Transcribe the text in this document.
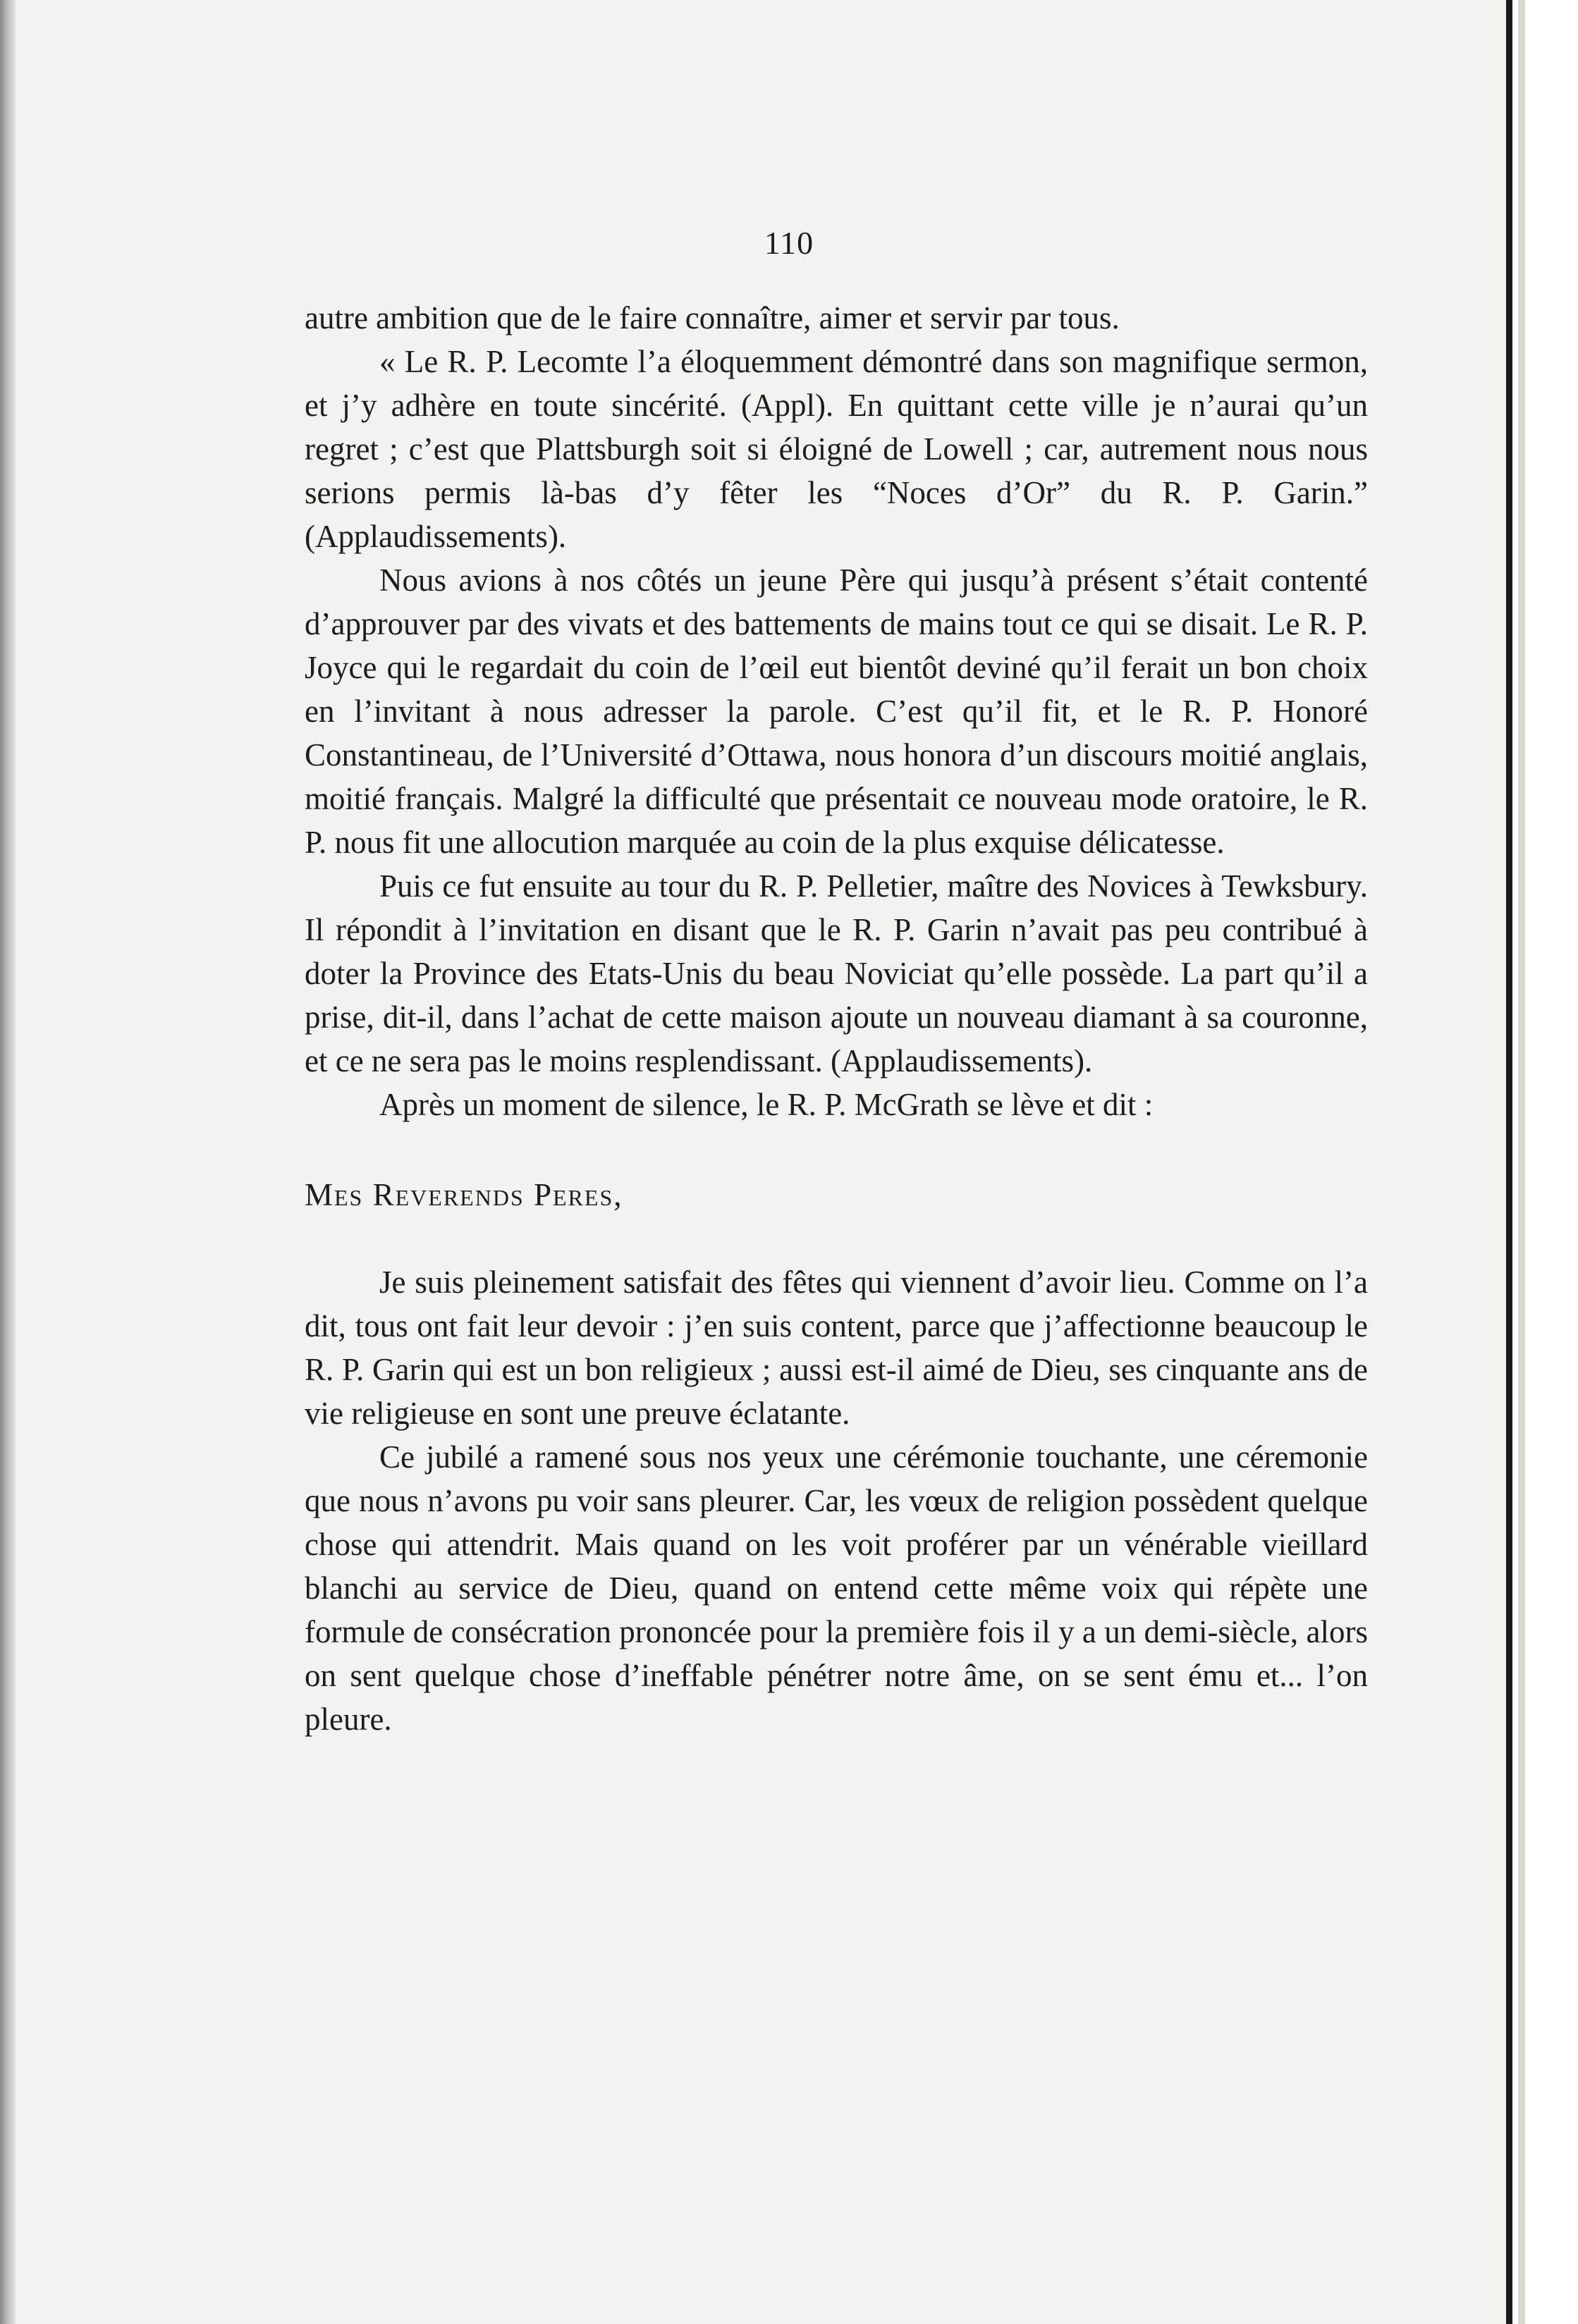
110

autre ambition que de le faire connaître, aimer et servir par tous.

« Le R. P. Lecomte l’a éloquemment démontré dans son magnifique sermon, et j’y adhère en toute sincérité. (Appl). En quittant cette ville je n’aurai qu’un regret ; c’est que Plattsburgh soit si éloigné de Lowell ; car, autrement nous nous serions permis là-bas d’y fêter les “Noces d’Or” du R. P. Garin.” (Applaudissements).

Nous avions à nos côtés un jeune Père qui jusqu’à présent s’était contenté d’approuver par des vivats et des battements de mains tout ce qui se disait. Le R. P. Joyce qui le regardait du coin de l’œil eut bientôt deviné qu’il ferait un bon choix en l’invitant à nous adresser la parole. C’est qu’il fit, et le R. P. Honoré Constantineau, de l’Université d’Ottawa, nous honora d’un discours moitié anglais, moitié français. Malgré la difficulté que présentait ce nouveau mode oratoire, le R. P. nous fit une allocution marquée au coin de la plus exquise délicatesse.

Puis ce fut ensuite au tour du R. P. Pelletier, maître des Novices à Tewksbury. Il répondit à l’invitation en disant que le R. P. Garin n’avait pas peu contribué à doter la Province des Etats-Unis du beau Noviciat qu’elle possède. La part qu’il a prise, dit-il, dans l’achat de cette maison ajoute un nouveau diamant à sa couronne, et ce ne sera pas le moins resplendissant. (Applaudissements).

Après un moment de silence, le R. P. McGrath se lève et dit :

Mes Reverends Peres,

Je suis pleinement satisfait des fêtes qui viennent d’avoir lieu. Comme on l’a dit, tous ont fait leur devoir : j’en suis content, parce que j’affectionne beaucoup le R. P. Garin qui est un bon religieux ; aussi est-il aimé de Dieu, ses cinquante ans de vie religieuse en sont une preuve éclatante.

Ce jubilé a ramené sous nos yeux une cérémonie touchante, une céremonie que nous n’avons pu voir sans pleurer. Car, les vœux de religion possèdent quelque chose qui attendrit. Mais quand on les voit proférer par un vénérable vieillard blanchi au service de Dieu, quand on entend cette même voix qui répète une formule de consécration prononcée pour la première fois il y a un demi-siècle, alors on sent quelque chose d’ineffable pénétrer notre âme, on se sent ému et... l’on pleure.
